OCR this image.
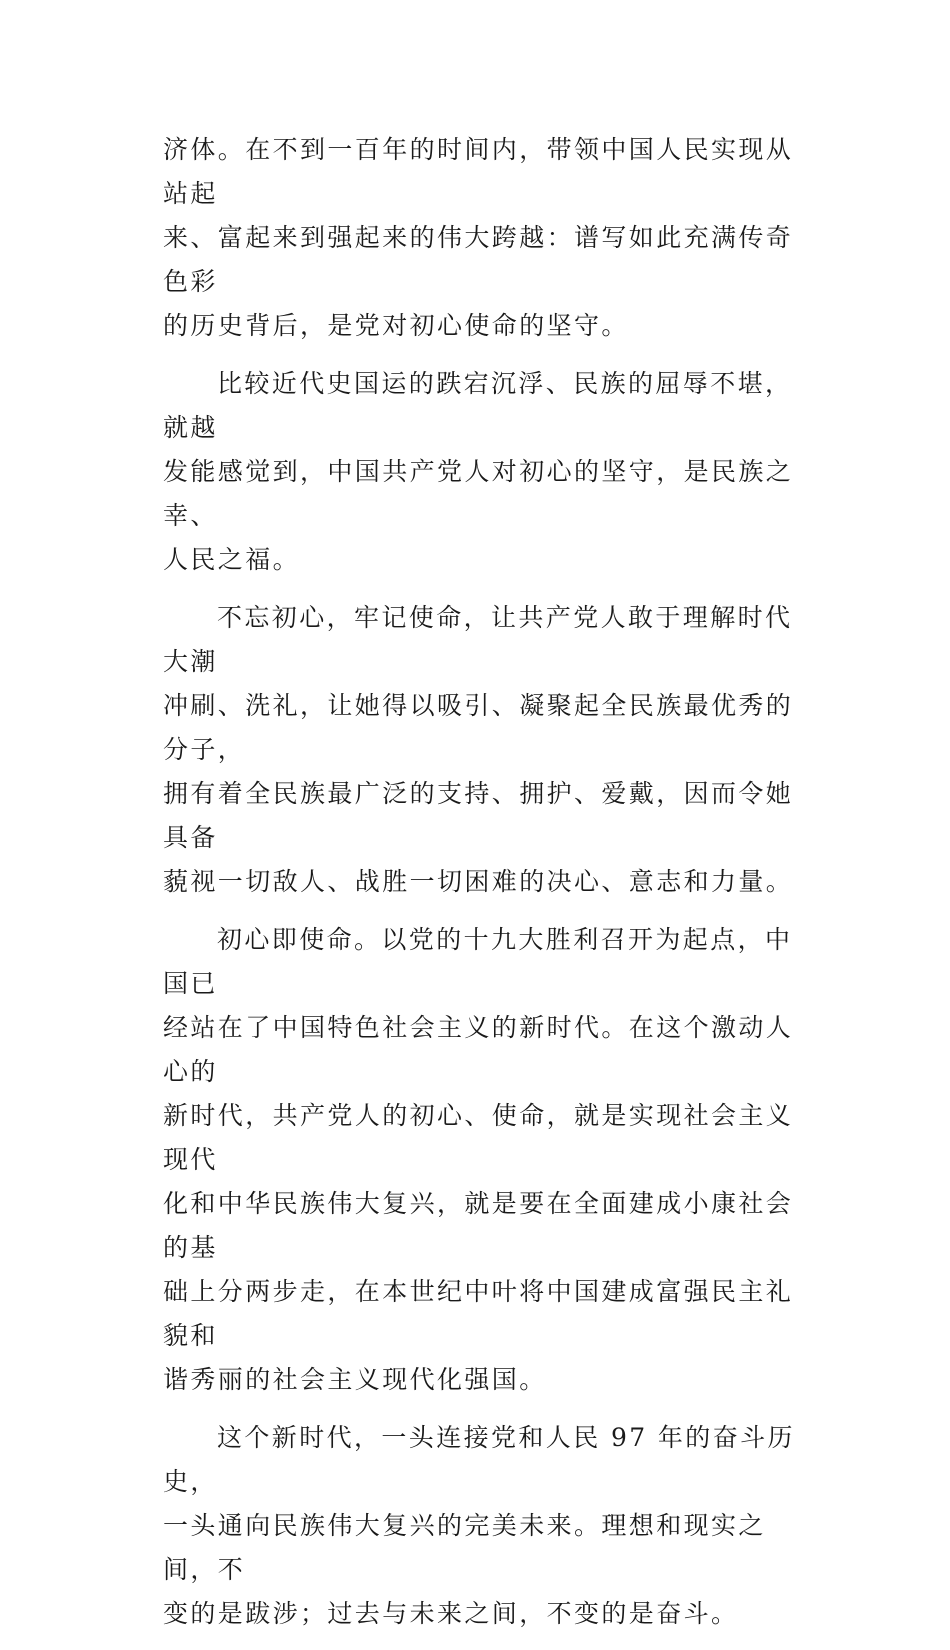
济体。在不到一百年的时间内，带领中国人民实现从站起
来、富起来到强起来的伟大跨越：谱写如此充满传奇色彩
的历史背后，是党对初心使命的坚守。

比较近代史国运的跌宕沉浮、民族的屈辱不堪，就越
发能感觉到，中国共产党人对初心的坚守，是民族之幸、
人民之福。

不忘初心，牢记使命，让共产党人敢于理解时代大潮
冲刷、洗礼，让她得以吸引、凝聚起全民族最优秀的分子，
拥有着全民族最广泛的支持、拥护、爱戴，因而令她具备
藐视一切敌人、战胜一切困难的决心、意志和力量。

初心即使命。以党的十九大胜利召开为起点，中国已
经站在了中国特色社会主义的新时代。在这个激动人心的
新时代，共产党人的初心、使命，就是实现社会主义现代
化和中华民族伟大复兴，就是要在全面建成小康社会的基
础上分两步走，在本世纪中叶将中国建成富强民主礼貌和
谐秀丽的社会主义现代化强国。

这个新时代，一头连接党和人民 97 年的奋斗历史，
一头通向民族伟大复兴的完美未来。理想和现实之间，不
变的是跋涉；过去与未来之间，不变的是奋斗。
